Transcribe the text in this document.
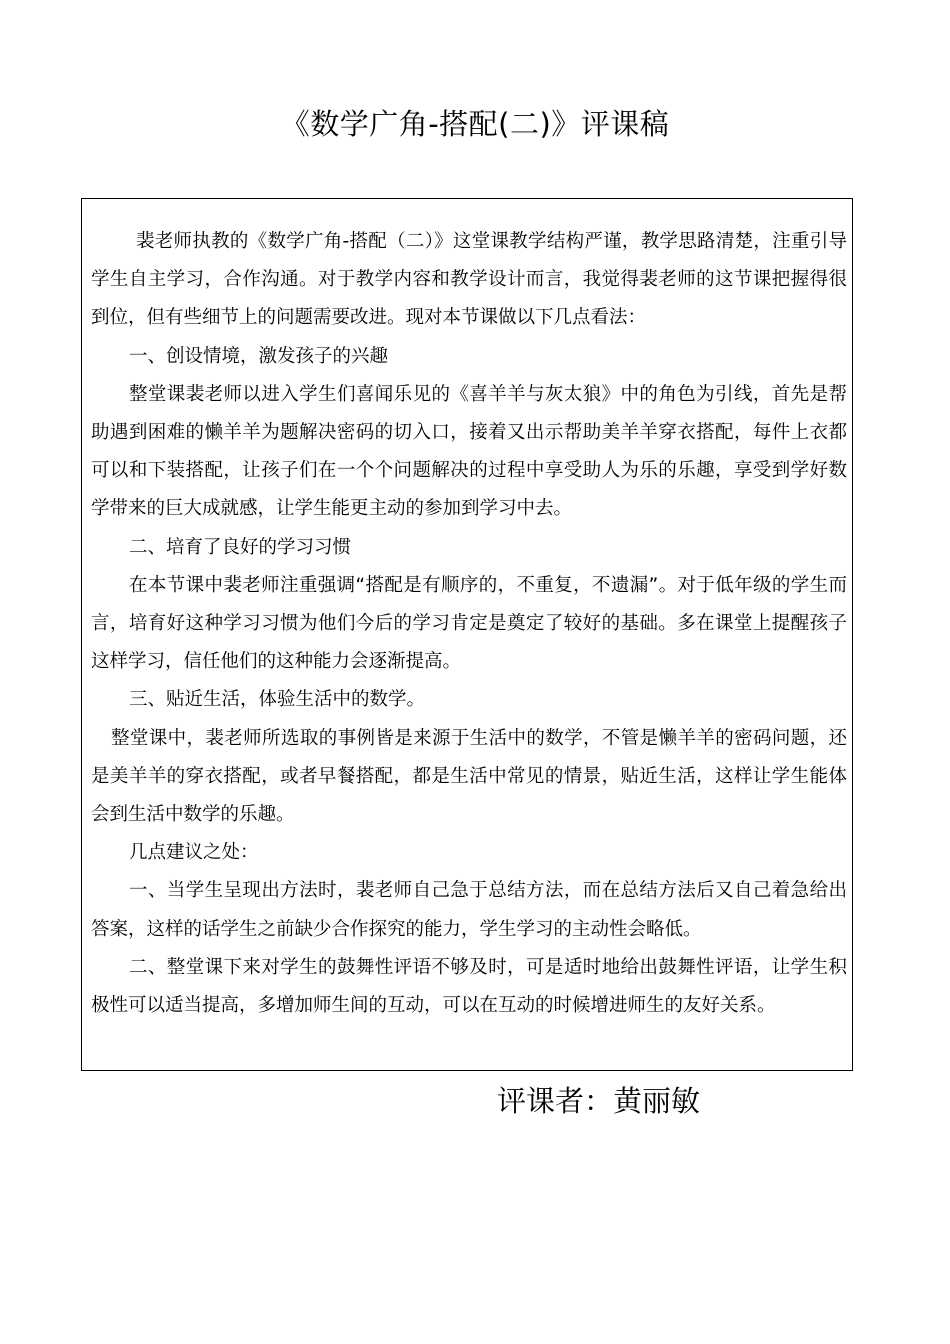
《数学广角-搭配(二)》评课稿

裴老师执教的《数学广角-搭配（二）》这堂课教学结构严谨，教学思路清楚，注重引导学生自主学习，合作沟通。对于教学内容和教学设计而言，我觉得裴老师的这节课把握得很到位，但有些细节上的问题需要改进。现对本节课做以下几点看法：

一、创设情境，激发孩子的兴趣

整堂课裴老师以进入学生们喜闻乐见的《喜羊羊与灰太狼》中的角色为引线，首先是帮助遇到困难的懒羊羊为题解决密码的切入口，接着又出示帮助美羊羊穿衣搭配，每件上衣都可以和下装搭配，让孩子们在一个个问题解决的过程中享受助人为乐的乐趣，享受到学好数学带来的巨大成就感，让学生能更主动的参加到学习中去。

二、培育了良好的学习习惯

在本节课中裴老师注重强调“搭配是有顺序的，不重复，不遗漏”。对于低年级的学生而言，培育好这种学习习惯为他们今后的学习肯定是奠定了较好的基础。多在课堂上提醒孩子这样学习，信任他们的这种能力会逐渐提高。

三、贴近生活，体验生活中的数学。

整堂课中，裴老师所选取的事例皆是来源于生活中的数学，不管是懒羊羊的密码问题，还是美羊羊的穿衣搭配，或者早餐搭配，都是生活中常见的情景，贴近生活，这样让学生能体会到生活中数学的乐趣。

几点建议之处：

一、当学生呈现出方法时，裴老师自己急于总结方法，而在总结方法后又自己着急给出答案，这样的话学生之前缺少合作探究的能力，学生学习的主动性会略低。

二、整堂课下来对学生的鼓舞性评语不够及时，可是适时地给出鼓舞性评语，让学生积极性可以适当提高，多增加师生间的互动，可以在互动的时候增进师生的友好关系。

评课者：黄丽敏
